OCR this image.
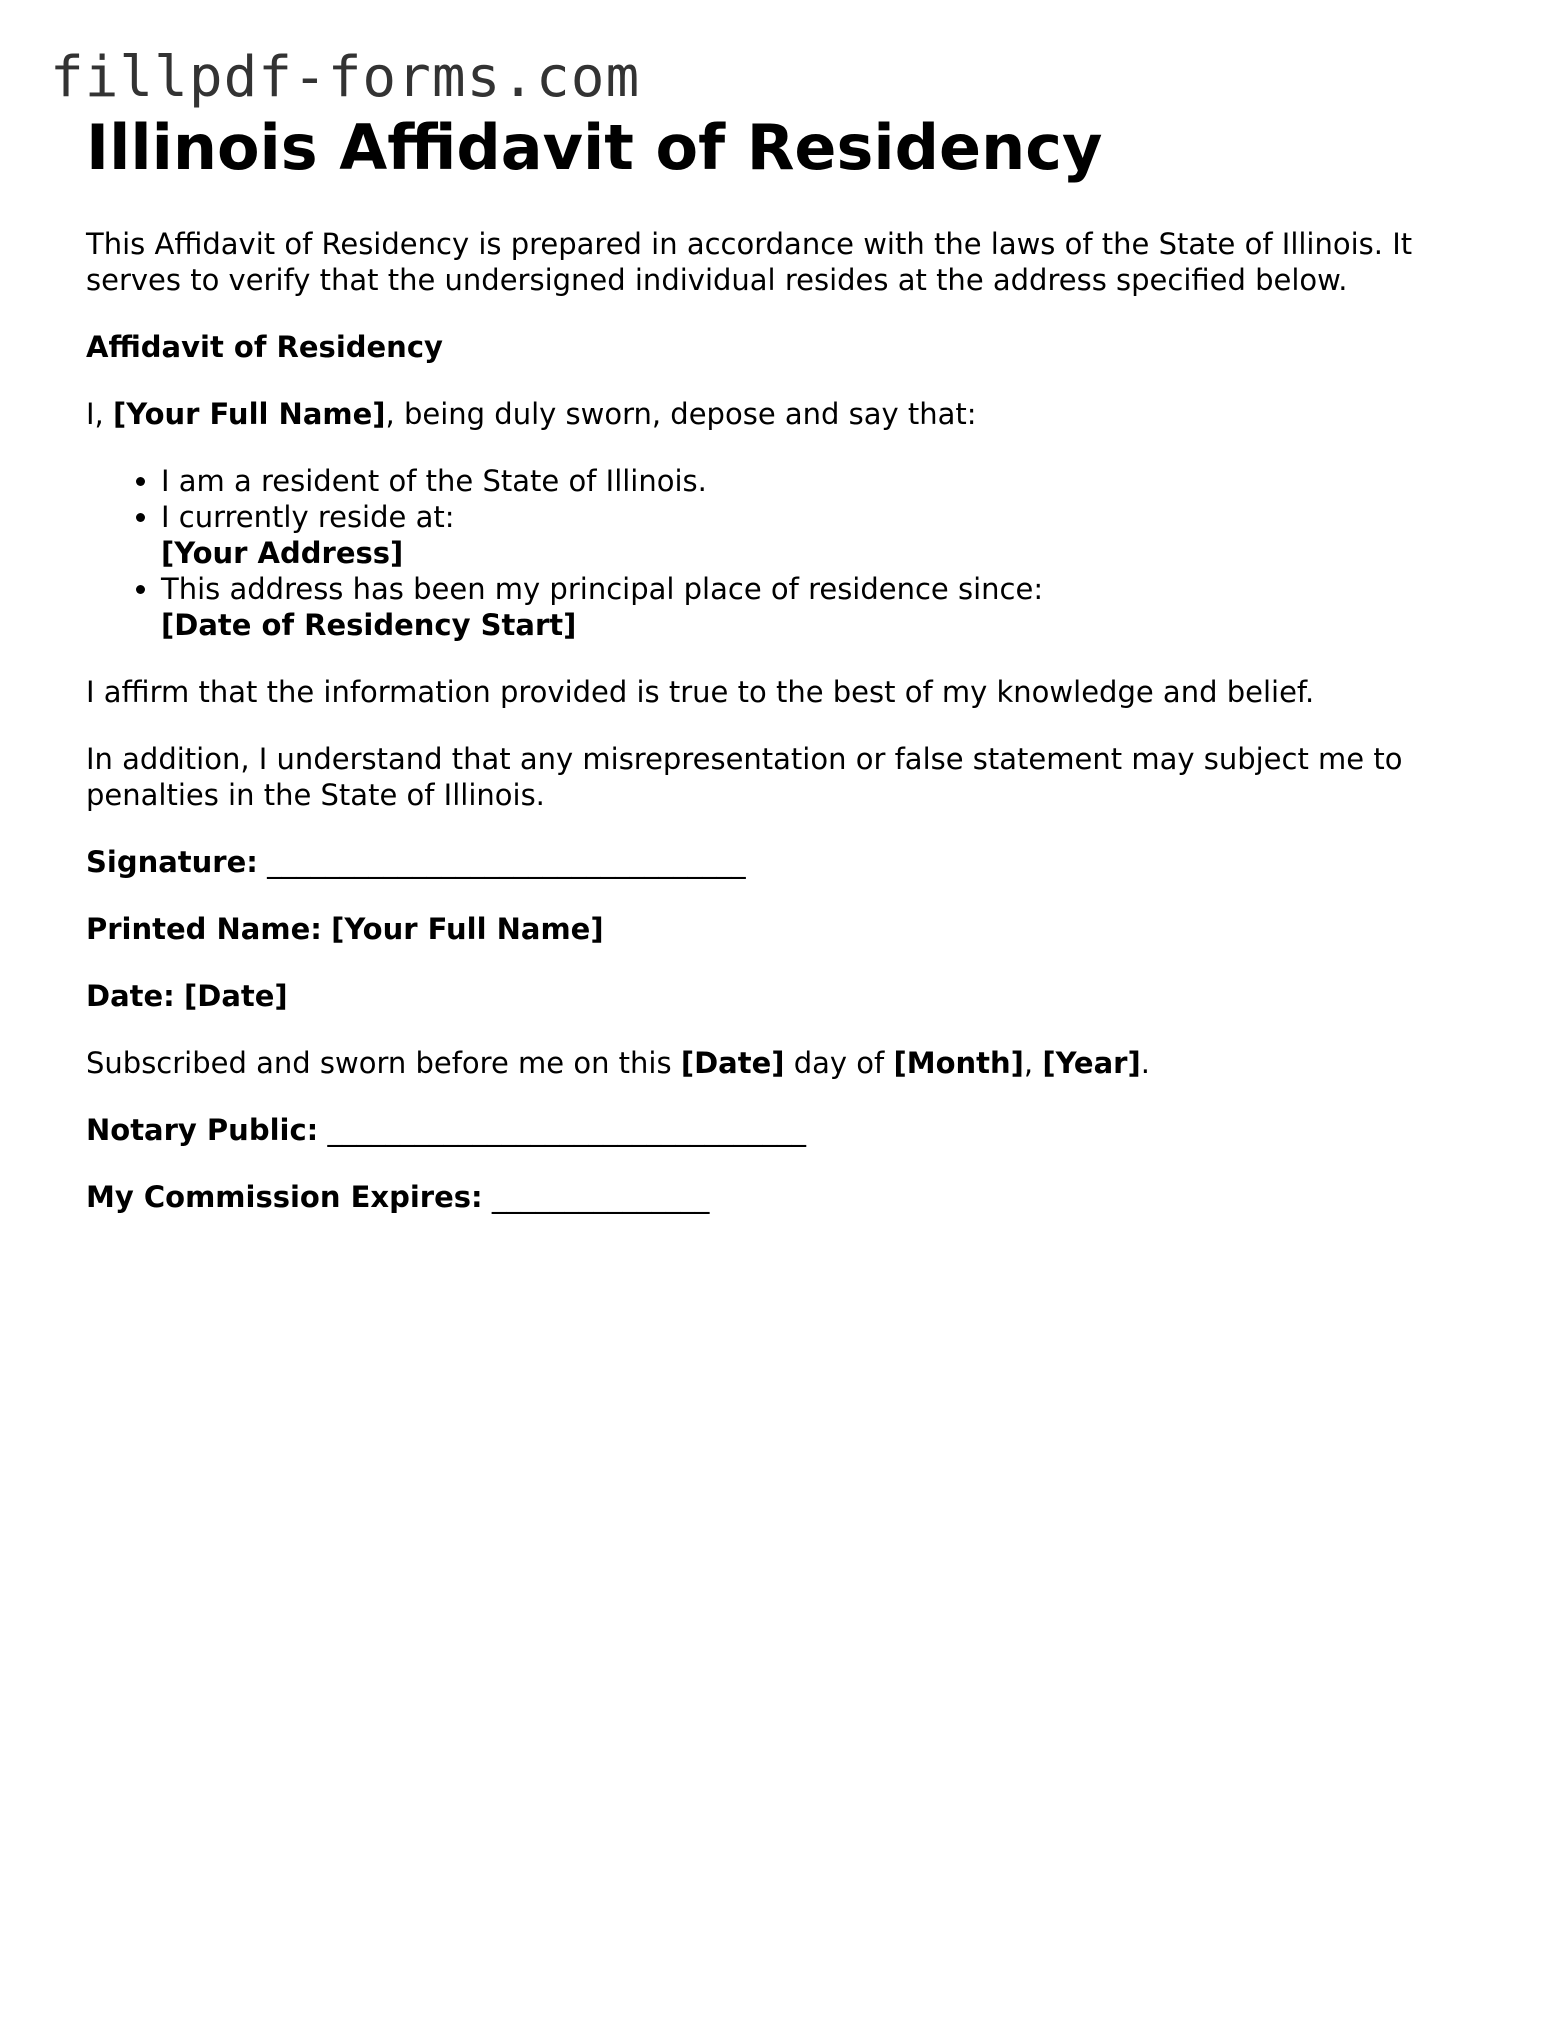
fillpdf-forms.com
Illinois Affidavit of Residency

This Affidavit of Residency is prepared in accordance with the laws of the State of Illinois. It serves to verify that the undersigned individual resides at the address specified below.

Affidavit of Residency

I, [Your Full Name], being duly sworn, depose and say that:

• I am a resident of the State of Illinois.
• I currently reside at:
[Your Address]
• This address has been my principal place of residence since:
[Date of Residency Start]

I affirm that the information provided is true to the best of my knowledge and belief.

In addition, I understand that any misrepresentation or false statement may subject me to penalties in the State of Illinois.

Signature: _________________________________

Printed Name: [Your Full Name]

Date: [Date]

Subscribed and sworn before me on this [Date] day of [Month], [Year].

Notary Public: _________________________________

My Commission Expires: _______________
